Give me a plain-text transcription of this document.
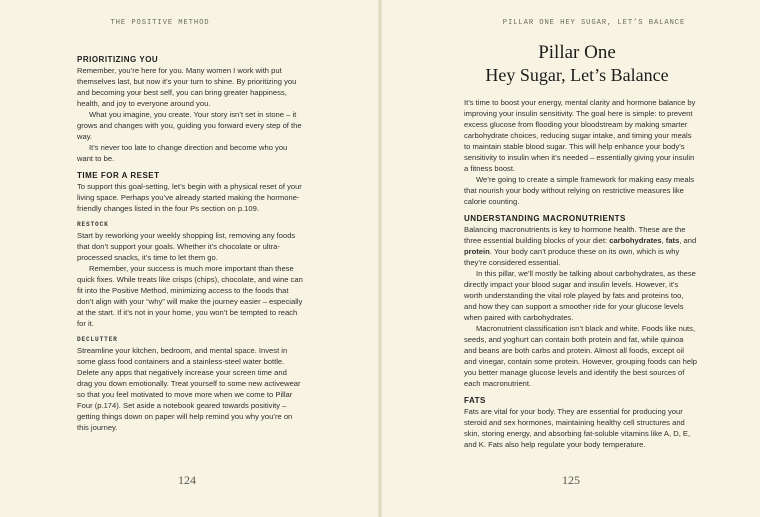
THE POSITIVE METHOD
PRIORITIZING YOU

Remember, you’re here for you. Many women I work with put themselves last, but now it’s your turn to shine. By prioritizing you and becoming your best self, you can bring greater happiness, health, and joy to everyone around you.

What you imagine, you create. Your story isn’t set in stone – it grows and changes with you, guiding you forward every step of the way.

It’s never too late to change direction and become who you want to be.

TIME FOR A RESET

To support this goal-setting, let’s begin with a physical reset of your living space. Perhaps you’ve already started making the hormone-friendly changes listed in the four Ps section on p.109.

RESTOCK

Start by reworking your weekly shopping list, removing any foods that don’t support your goals. Whether it’s chocolate or ultra-processed snacks, it’s time to let them go.

Remember, your success is much more important than these quick fixes. While treats like crisps (chips), chocolate, and wine can fit into the Positive Method, minimizing access to the foods that don’t align with your “why” will make the journey easier – especially at the start. If it’s not in your home, you won’t be tempted to reach for it.

DECLUTTER

Streamline your kitchen, bedroom, and mental space. Invest in some glass food containers and a stainless-steel water bottle. Delete any apps that negatively increase your screen time and drag you down emotionally. Treat yourself to some new activewear so that you feel motivated to move more when we come to Pillar Four (p.174). Set aside a notebook geared towards positivity – getting things down on paper will help remind you why you’re on this journey.

124
PILLAR ONE HEY SUGAR, LET’S BALANCE
Pillar One
Hey Sugar, Let’s Balance

It’s time to boost your energy, mental clarity and hormone balance by improving your insulin sensitivity. The goal here is simple: to prevent excess glucose from flooding your bloodstream by making smarter carbohydrate choices, reducing sugar intake, and timing your meals to maintain stable blood sugar. This will help enhance your body’s sensitivity to insulin when it’s needed – essentially giving your insulin a fitness boost.

We’re going to create a simple framework for making easy meals that nourish your body without relying on restrictive measures like calorie counting.

UNDERSTANDING MACRONUTRIENTS

Balancing macronutrients is key to hormone health. These are the three essential building blocks of your diet: carbohydrates, fats, and protein. Your body can’t produce these on its own, which is why they’re considered essential.

In this pillar, we’ll mostly be talking about carbohydrates, as these directly impact your blood sugar and insulin levels. However, it’s worth understanding the vital role played by fats and proteins too, and how they can support a smoother ride for your glucose levels when paired with carbohydrates.

Macronutrient classification isn’t black and white. Foods like nuts, seeds, and yoghurt can contain both protein and fat, while quinoa and beans are both carbs and protein. Almost all foods, except oil and vinegar, contain some protein. However, grouping foods can help you better manage glucose levels and identify the best sources of each macronutrient.

FATS

Fats are vital for your body. They are essential for producing your steroid and sex hormones, maintaining healthy cell structures and skin, storing energy, and absorbing fat-soluble vitamins like A, D, E, and K. Fats also help regulate your body temperature.

125
